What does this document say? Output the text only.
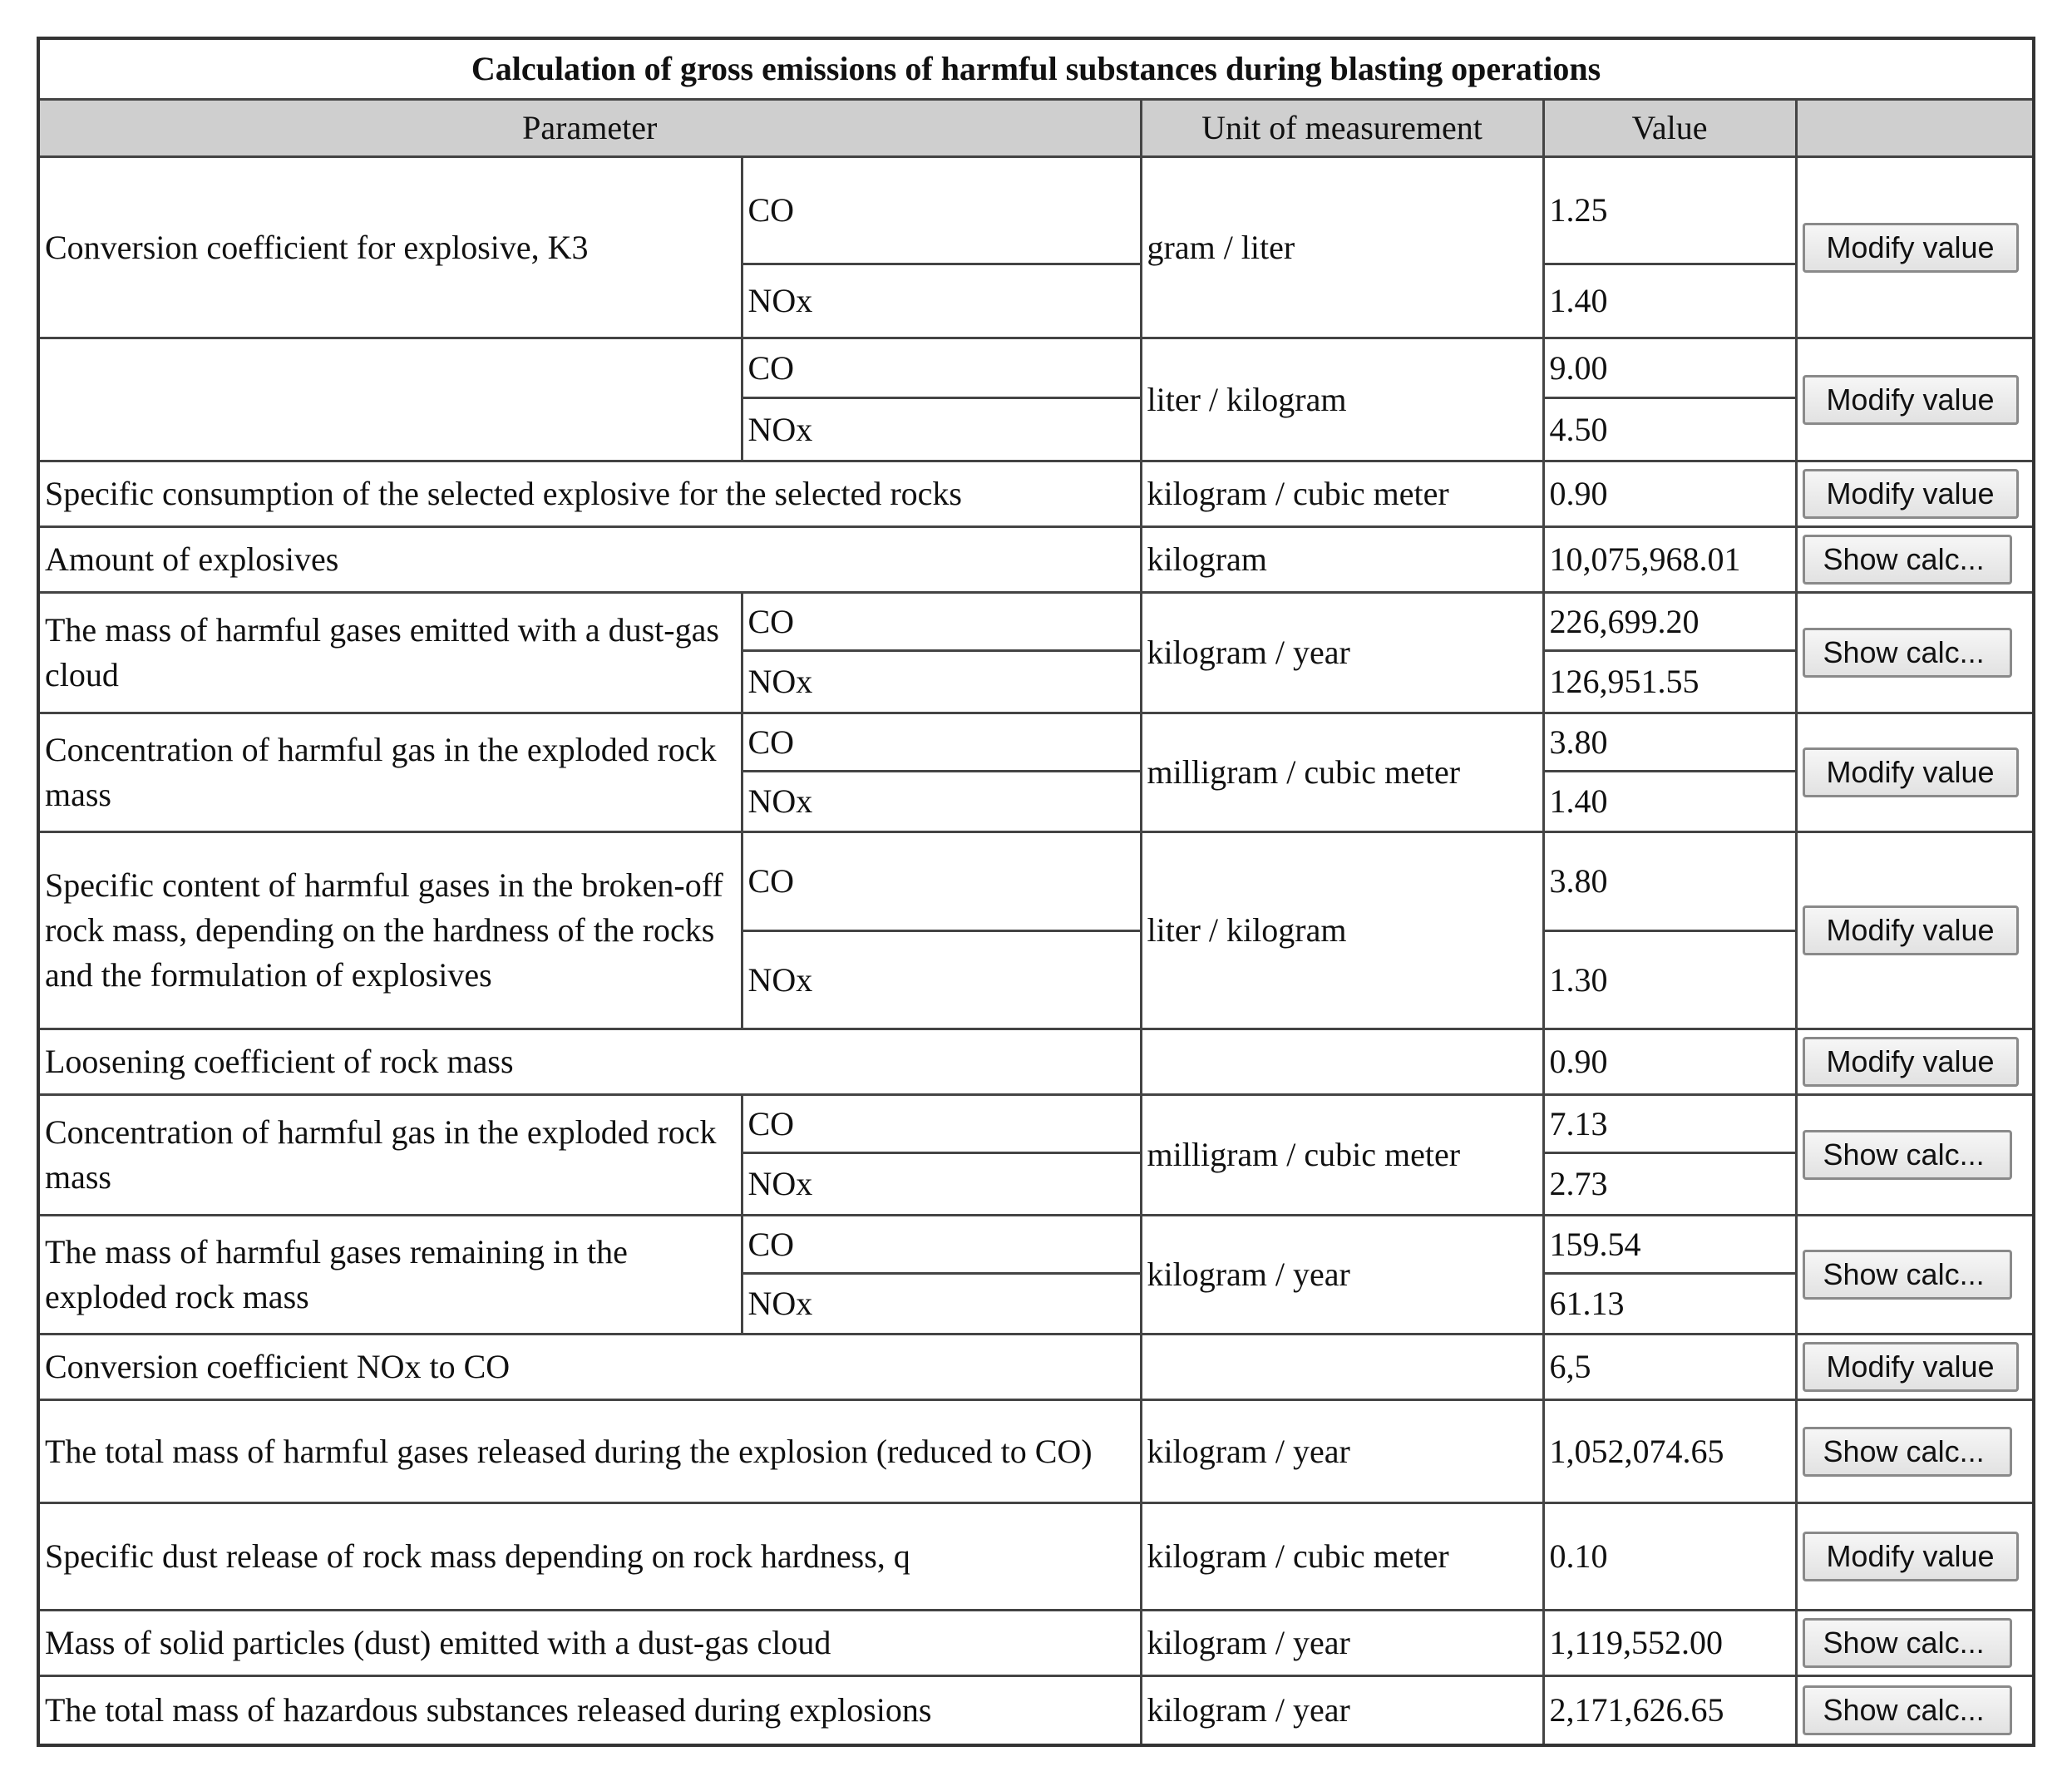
Calculation of gross emissions of harmful substances during blasting operations				
Parameter		Unit of measurement	Value	
Conversion coefficient for explosive, K3	CO	gram / liter	1.25	Modify value
	NOx		1.40	
	CO	liter / kilogram	9.00	Modify value
	NOx		4.50	
Specific consumption of the selected explosive for the selected rocks		kilogram / cubic meter	0.90	Modify value
Amount of explosives		kilogram	10,075,968.01	Show calc...
The mass of harmful gases emitted with a dust-gas cloud	CO	kilogram / year	226,699.20	Show calc...
	NOx		126,951.55	
Concentration of harmful gas in the exploded rock mass	CO	milligram / cubic meter	3.80	Modify value
	NOx		1.40	
Specific content of harmful gases in the broken-off rock mass, depending on the hardness of the rocks and the formulation of explosives	CO	liter / kilogram	3.80	Modify value
	NOx		1.30	
Loosening coefficient of rock mass			0.90	Modify value
Concentration of harmful gas in the exploded rock mass	CO	milligram / cubic meter	7.13	Show calc...
	NOx		2.73	
The mass of harmful gases remaining in the exploded rock mass	CO	kilogram / year	159.54	Show calc...
	NOx		61.13	
Conversion coefficient NOx to CO			6,5	Modify value
The total mass of harmful gases released during the explosion (reduced to CO)		kilogram / year	1,052,074.65	Show calc...
Specific dust release of rock mass depending on rock hardness, q		kilogram / cubic meter	0.10	Modify value
Mass of solid particles (dust) emitted with a dust-gas cloud		kilogram / year	1,119,552.00	Show calc...
The total mass of hazardous substances released during explosions		kilogram / year	2,171,626.65	Show calc...
